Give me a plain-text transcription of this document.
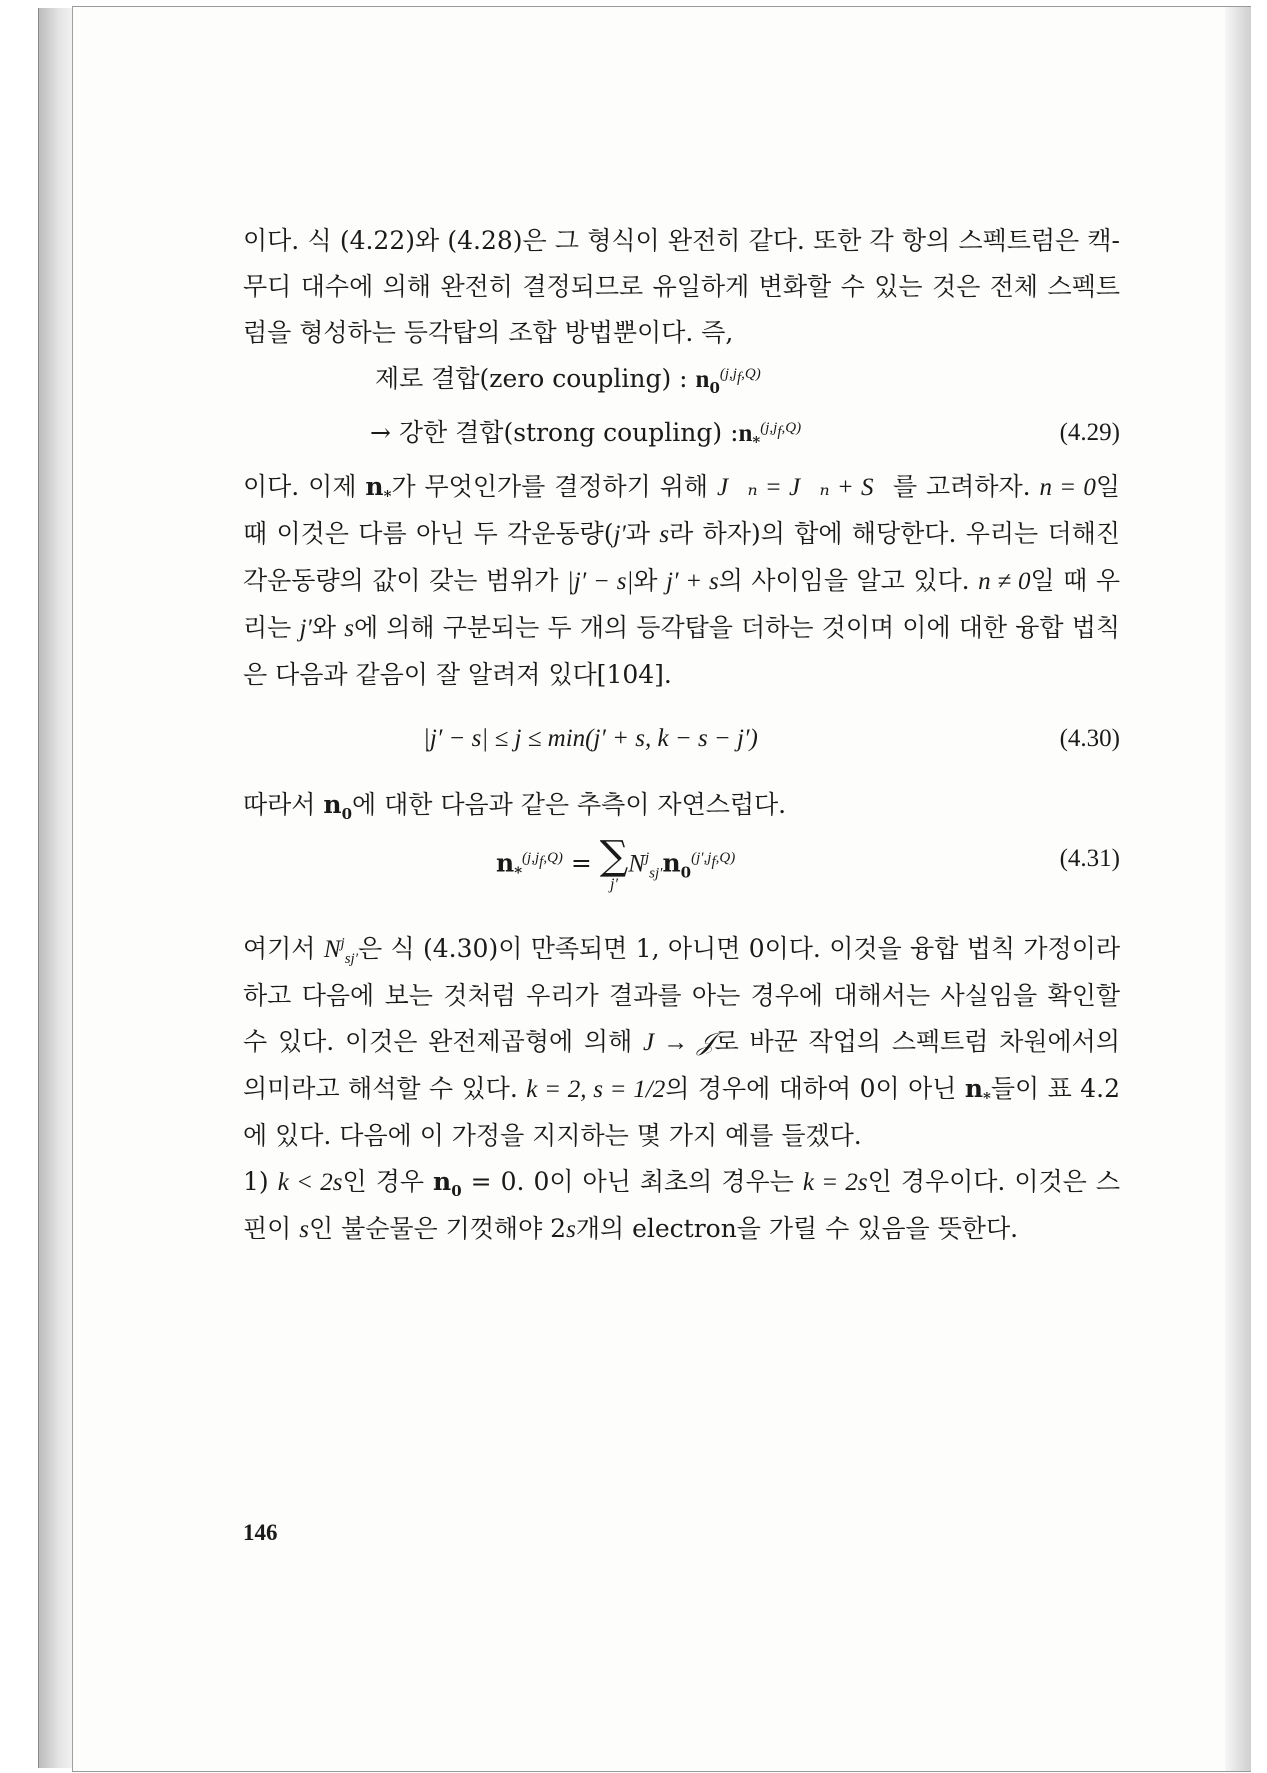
이다. 식 (4.22)와 (4.28)은 그 형식이 완전히 같다. 또한 각 항의 스펙트럼은 캑-무디 대수에 의해 완전히 결정되므로 유일하게 변화할 수 있는 것은 전체 스펙트럼을 형성하는 등각탑의 조합 방법뿐이다. 즉,

제로 결합(zero coupling) : $n_0^{(j,j_f,Q)}$
→ 강한 결합(strong coupling) $:n_*^{(j,j_f,Q)}$	(4.29)

이다. 이제 $n_*$가 무엇인가를 결정하기 위해 J⃗ₙ = J⃗ₙ + S⃗를 고려하자. n = 0일 때 이것은 다름 아닌 두 각운동량(j′과 s라 하자)의 합에 해당한다. 우리는 더해진 각운동량의 값이 갖는 범위가 |j′ − s|와 j′ + s의 사이임을 알고 있다. n ≠ 0일 때 우리는 j′와 s에 의해 구분되는 두 개의 등각탑을 더하는 것이며 이에 대한 융합 법칙은 다음과 같음이 잘 알려져 있다[104].

|j′ − s| ≤ j ≤ min(j′ + s, k − s − j′)	(4.30)

따라서 $n_0$에 대한 다음과 같은 추측이 자연스럽다.

$n_*^{(j,j_f,Q)}$ = ∑
j′
$N^j_{sj'}n_0^{(j',j_f,Q)}$	(4.31)

여기서 $N^j_{sj'}$은 식 (4.30)이 만족되면 1, 아니면 0이다. 이것을 융합 법칙 가정이라 하고 다음에 보는 것처럼 우리가 결과를 아는 경우에 대해서는 사실임을 확인할 수 있다. 이것은 완전제곱형에 의해 J → 𝒥로 바꾼 작업의 스펙트럼 차원에서의 의미라고 해석할 수 있다. k = 2, s = 1/2의 경우에 대하여 0이 아닌 $n_*$들이 표 4.2에 있다. 다음에 이 가정을 지지하는 몇 가지 예를 들겠다.

1) k < 2s인 경우 $n_0 = 0$. 0이 아닌 최초의 경우는 k = 2s인 경우이다. 이것은 스핀이 s인 불순물은 기껏해야 2s개의 electron을 가릴 수 있음을 뜻한다.

146
